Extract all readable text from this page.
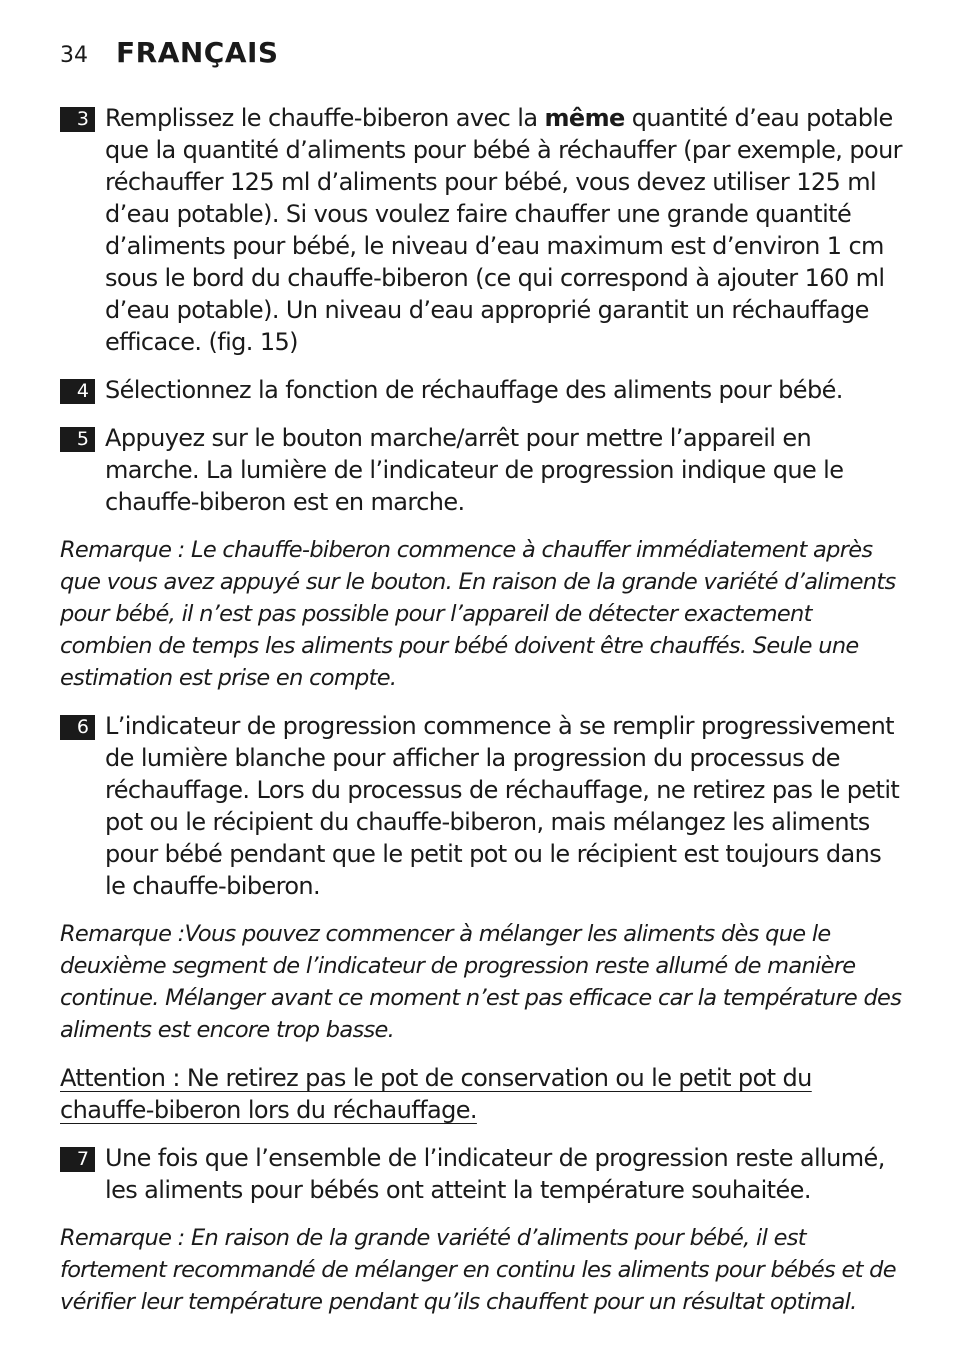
34 FRANÇAIS
3 Remplissez le chauffe-biberon avec la même quantité d’eau potable que la quantité d’aliments pour bébé à réchauffer (par exemple, pour réchauffer 125 ml d’aliments pour bébé, vous devez utiliser 125 ml d’eau potable). Si vous voulez faire chauffer une grande quantité d’aliments pour bébé, le niveau d’eau maximum est d’environ 1 cm sous le bord du chauffe-biberon (ce qui correspond à ajouter 160 ml d’eau potable). Un niveau d’eau approprié garantit un réchauffage efficace. (fig. 15)
4 Sélectionnez la fonction de réchauffage des aliments pour bébé.
5 Appuyez sur le bouton marche/arrêt pour mettre l’appareil en marche. La lumière de l’indicateur de progression indique que le chauffe-biberon est en marche.
Remarque : Le chauffe-biberon commence à chauffer immédiatement après que vous avez appuyé sur le bouton. En raison de la grande variété d’aliments pour bébé, il n’est pas possible pour l’appareil de détecter exactement combien de temps les aliments pour bébé doivent être chauffés. Seule une estimation est prise en compte.
6 L’indicateur de progression commence à se remplir progressivement de lumière blanche pour afficher la progression du processus de réchauffage. Lors du processus de réchauffage, ne retirez pas le petit pot ou le récipient du chauffe-biberon, mais mélangez les aliments pour bébé pendant que le petit pot ou le récipient est toujours dans le chauffe-biberon.
Remarque :Vous pouvez commencer à mélanger les aliments dès que le deuxième segment de l’indicateur de progression reste allumé de manière continue. Mélanger avant ce moment n’est pas efficace car la température des aliments est encore trop basse.
Attention : Ne retirez pas le pot de conservation ou le petit pot du chauffe-biberon lors du réchauffage.
7 Une fois que l’ensemble de l’indicateur de progression reste allumé, les aliments pour bébés ont atteint la température souhaitée.
Remarque : En raison de la grande variété d’aliments pour bébé, il est fortement recommandé de mélanger en continu les aliments pour bébés et de vérifier leur température pendant qu’ils chauffent pour un résultat optimal.
